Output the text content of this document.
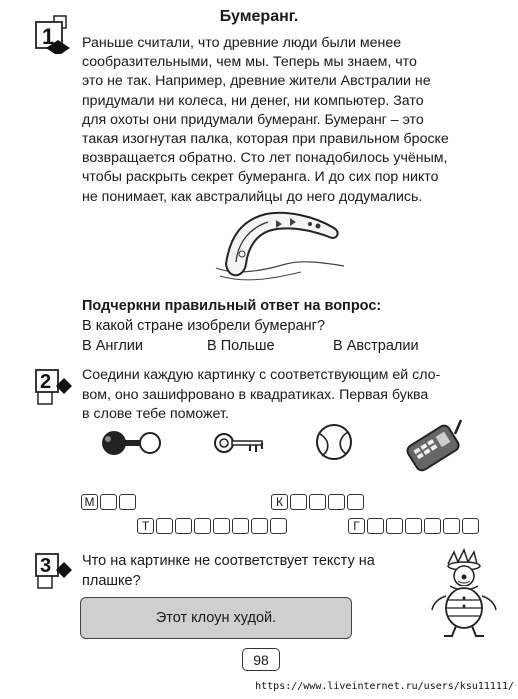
1
Бумеранг.
Раньше считали, что древние люди были менее
сообразительными, чем мы. Теперь мы знаем, что
это не так. Например, древние жители Австралии не
придумали ни колеса, ни денег, ни компьютер. Зато
для охоты они придумали бумеранг. Бумеранг – это
такая изогнутая палка, которая при правильном броске
возвращается обратно. Сто лет понадобилось учёным,
чтобы раскрыть секрет бумеранга. И до сих пор никто
не понимает, как австралийцы до него додумались.
Подчеркни правильный ответ на вопрос:
В какой стране изобрели бумеранг?
В Англии	В Польше	В Австралии
2 Соедини каждую картинку с соответствующим ей сло-
вом, оно зашифровано в квадратиках. Первая буква
в слове тебе поможет.
М	К
Т	Г
3 Что на картинке не соответствует тексту на
плашке?
Этот клоун худой.
98
https://www.liveinternet.ru/users/ksu11111/
